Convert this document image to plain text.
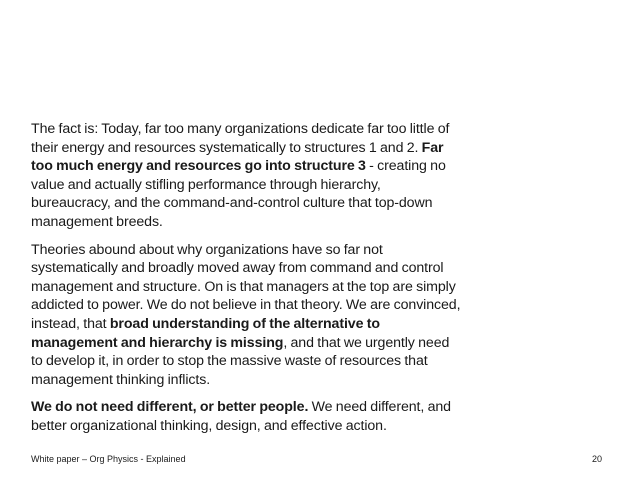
The fact is: Today, far too many organizations dedicate far too little of their energy and resources systematically to structures 1 and 2. Far too much energy and resources go into structure 3 - creating no value and actually stifling performance through hierarchy, bureaucracy, and the command-and-control culture that top-down management breeds.

Theories abound about why organizations have so far not systematically and broadly moved away from command and control management and structure. On is that managers at the top are simply addicted to power. We do not believe in that theory. We are convinced, instead, that broad understanding of the alternative to management and hierarchy is missing, and that we urgently need to develop it, in order to stop the massive waste of resources that management thinking inflicts.

We do not need different, or better people. We need different, and better organizational thinking, design, and effective action.

White paper – Org Physics - Explained	20
